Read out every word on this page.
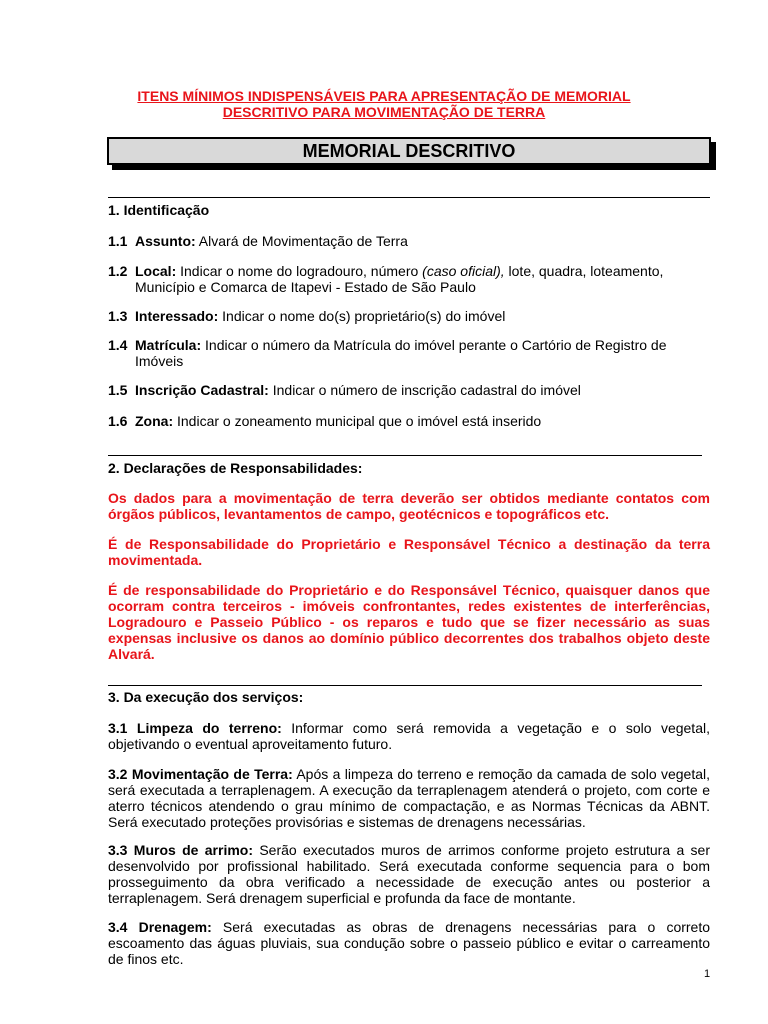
ITENS MÍNIMOS INDISPENSÁVEIS PARA APRESENTAÇÃO DE MEMORIAL
DESCRITIVO PARA MOVIMENTAÇÃO DE TERRA
MEMORIAL DESCRITIVO
1. Identificação
1.1 Assunto: Alvará de Movimentação de Terra
1.2 Local: Indicar o nome do logradouro, número (caso oficial), lote, quadra, loteamento,
Município e Comarca de Itapevi - Estado de São Paulo
1.3 Interessado: Indicar o nome do(s) proprietário(s) do imóvel
1.4 Matrícula: Indicar o número da Matrícula do imóvel perante o Cartório de Registro de
Imóveis
1.5 Inscrição Cadastral: Indicar o número de inscrição cadastral do imóvel
1.6 Zona: Indicar o zoneamento municipal que o imóvel está inserido
2. Declarações de Responsabilidades:
Os dados para a movimentação de terra deverão ser obtidos mediante contatos com órgãos públicos, levantamentos de campo, geotécnicos e topográficos etc.
É de Responsabilidade do Proprietário e Responsável Técnico a destinação da terra movimentada.
É de responsabilidade do Proprietário e do Responsável Técnico, quaisquer danos que ocorram contra terceiros - imóveis confrontantes, redes existentes de interferências, Logradouro e Passeio Público - os reparos e tudo que se fizer necessário as suas expensas inclusive os danos ao domínio público decorrentes dos trabalhos objeto deste Alvará.
3. Da execução dos serviços:
3.1 Limpeza do terreno: Informar como será removida a vegetação e o solo vegetal, objetivando o eventual aproveitamento futuro.
3.2 Movimentação de Terra: Após a limpeza do terreno e remoção da camada de solo vegetal, será executada a terraplenagem. A execução da terraplenagem atenderá o projeto, com corte e aterro técnicos atendendo o grau mínimo de compactação, e as Normas Técnicas da ABNT. Será executado proteções provisórias e sistemas de drenagens necessárias.
3.3 Muros de arrimo: Serão executados muros de arrimos conforme projeto estrutura a ser desenvolvido por profissional habilitado. Será executada conforme sequencia para o bom prosseguimento da obra verificado a necessidade de execução antes ou posterior a terraplenagem. Será drenagem superficial e profunda da face de montante.
3.4 Drenagem: Será executadas as obras de drenagens necessárias para o correto escoamento das águas pluviais, sua condução sobre o passeio público e evitar o carreamento de finos etc.
1
